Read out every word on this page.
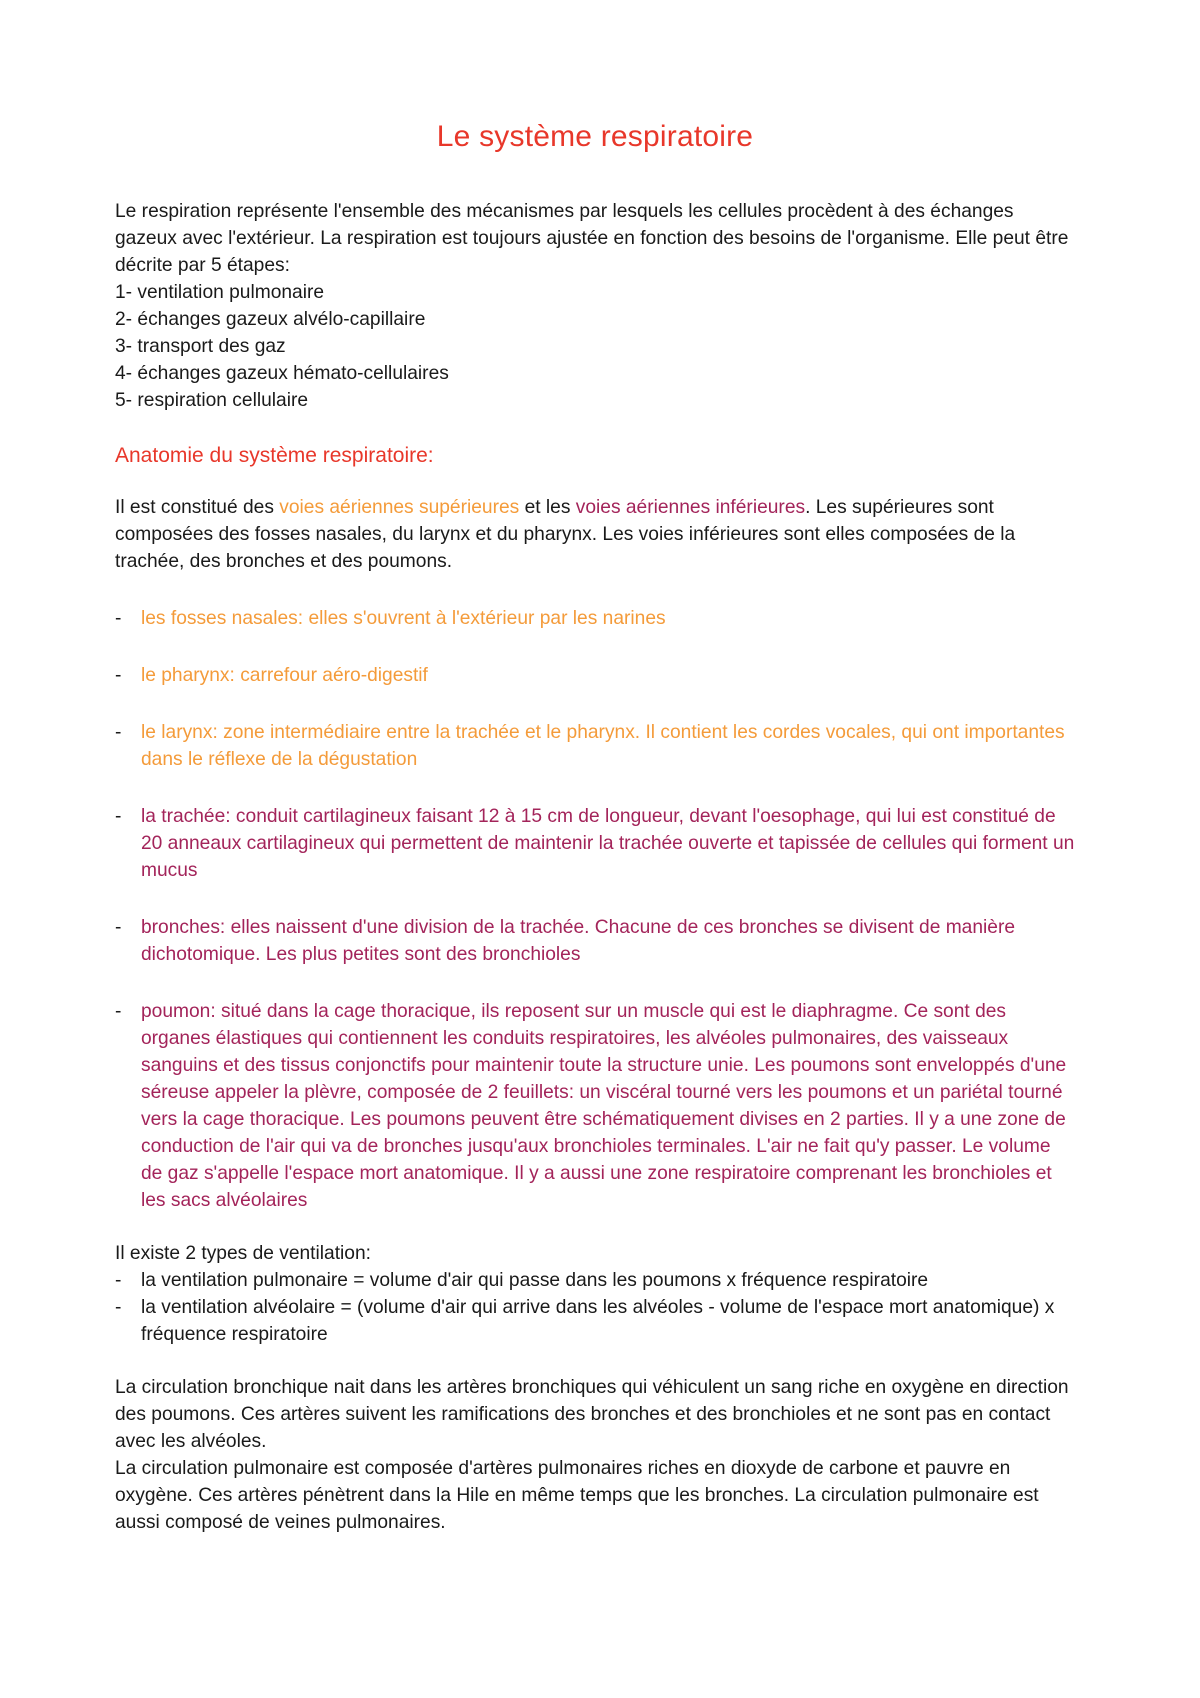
Le système respiratoire

Le respiration représente l'ensemble des mécanismes par lesquels les cellules procèdent à des échanges gazeux avec l'extérieur. La respiration est toujours ajustée en fonction des besoins de l'organisme. Elle peut être décrite par 5 étapes:

1- ventilation pulmonaire
2- échanges gazeux alvélo-capillaire
3- transport des gaz
4- échanges gazeux hémato-cellulaires
5- respiration cellulaire
Anatomie du système respiratoire:

Il est constitué des voies aériennes supérieures et les voies aériennes inférieures. Les supérieures sont composées des fosses nasales, du larynx et du pharynx. Les voies inférieures sont elles composées de la trachée, des bronches et des poumons.

- les fosses nasales: elles s'ouvrent à l'extérieur par les narines
- le pharynx: carrefour aéro-digestif
- le larynx: zone intermédiaire entre la trachée et le pharynx. Il contient les cordes vocales, qui ont importantes dans le réflexe de la dégustation
- la trachée: conduit cartilagineux faisant 12 à 15 cm de longueur, devant l'oesophage, qui lui est constitué de 20 anneaux cartilagineux qui permettent de maintenir la trachée ouverte et tapissée de cellules qui forment un mucus
- bronches: elles naissent d'une division de la trachée. Chacune de ces bronches se divisent de manière dichotomique. Les plus petites sont des bronchioles
- poumon: situé dans la cage thoracique, ils reposent sur un muscle qui est le diaphragme. Ce sont des organes élastiques qui contiennent les conduits respiratoires, les alvéoles pulmonaires, des vaisseaux sanguins et des tissus conjonctifs pour maintenir toute la structure unie. Les poumons sont enveloppés d'une séreuse appeler la plèvre, composée de 2 feuillets: un viscéral tourné vers les poumons et un pariétal tourné vers la cage thoracique. Les poumons peuvent être schématiquement divises en 2 parties. Il y a une zone de conduction de l'air qui va de bronches jusqu'aux bronchioles terminales. L'air ne fait qu'y passer. Le volume de gaz s'appelle l'espace mort anatomique. Il y a aussi une zone respiratoire comprenant les bronchioles et les sacs alvéolaires

Il existe 2 types de ventilation:

- la ventilation pulmonaire = volume d'air qui passe dans les poumons x fréquence respiratoire
- la ventilation alvéolaire = (volume d'air qui arrive dans les alvéoles - volume de l'espace mort anatomique) x fréquence respiratoire

La circulation bronchique nait dans les artères bronchiques qui véhiculent un sang riche en oxygène en direction des poumons. Ces artères suivent les ramifications des bronches et des bronchioles et ne sont pas en contact avec les alvéoles.

La circulation pulmonaire est composée d'artères pulmonaires riches en dioxyde de carbone et pauvre en oxygène. Ces artères pénètrent dans la Hile en même temps que les bronches. La circulation pulmonaire est aussi composé de veines pulmonaires.
